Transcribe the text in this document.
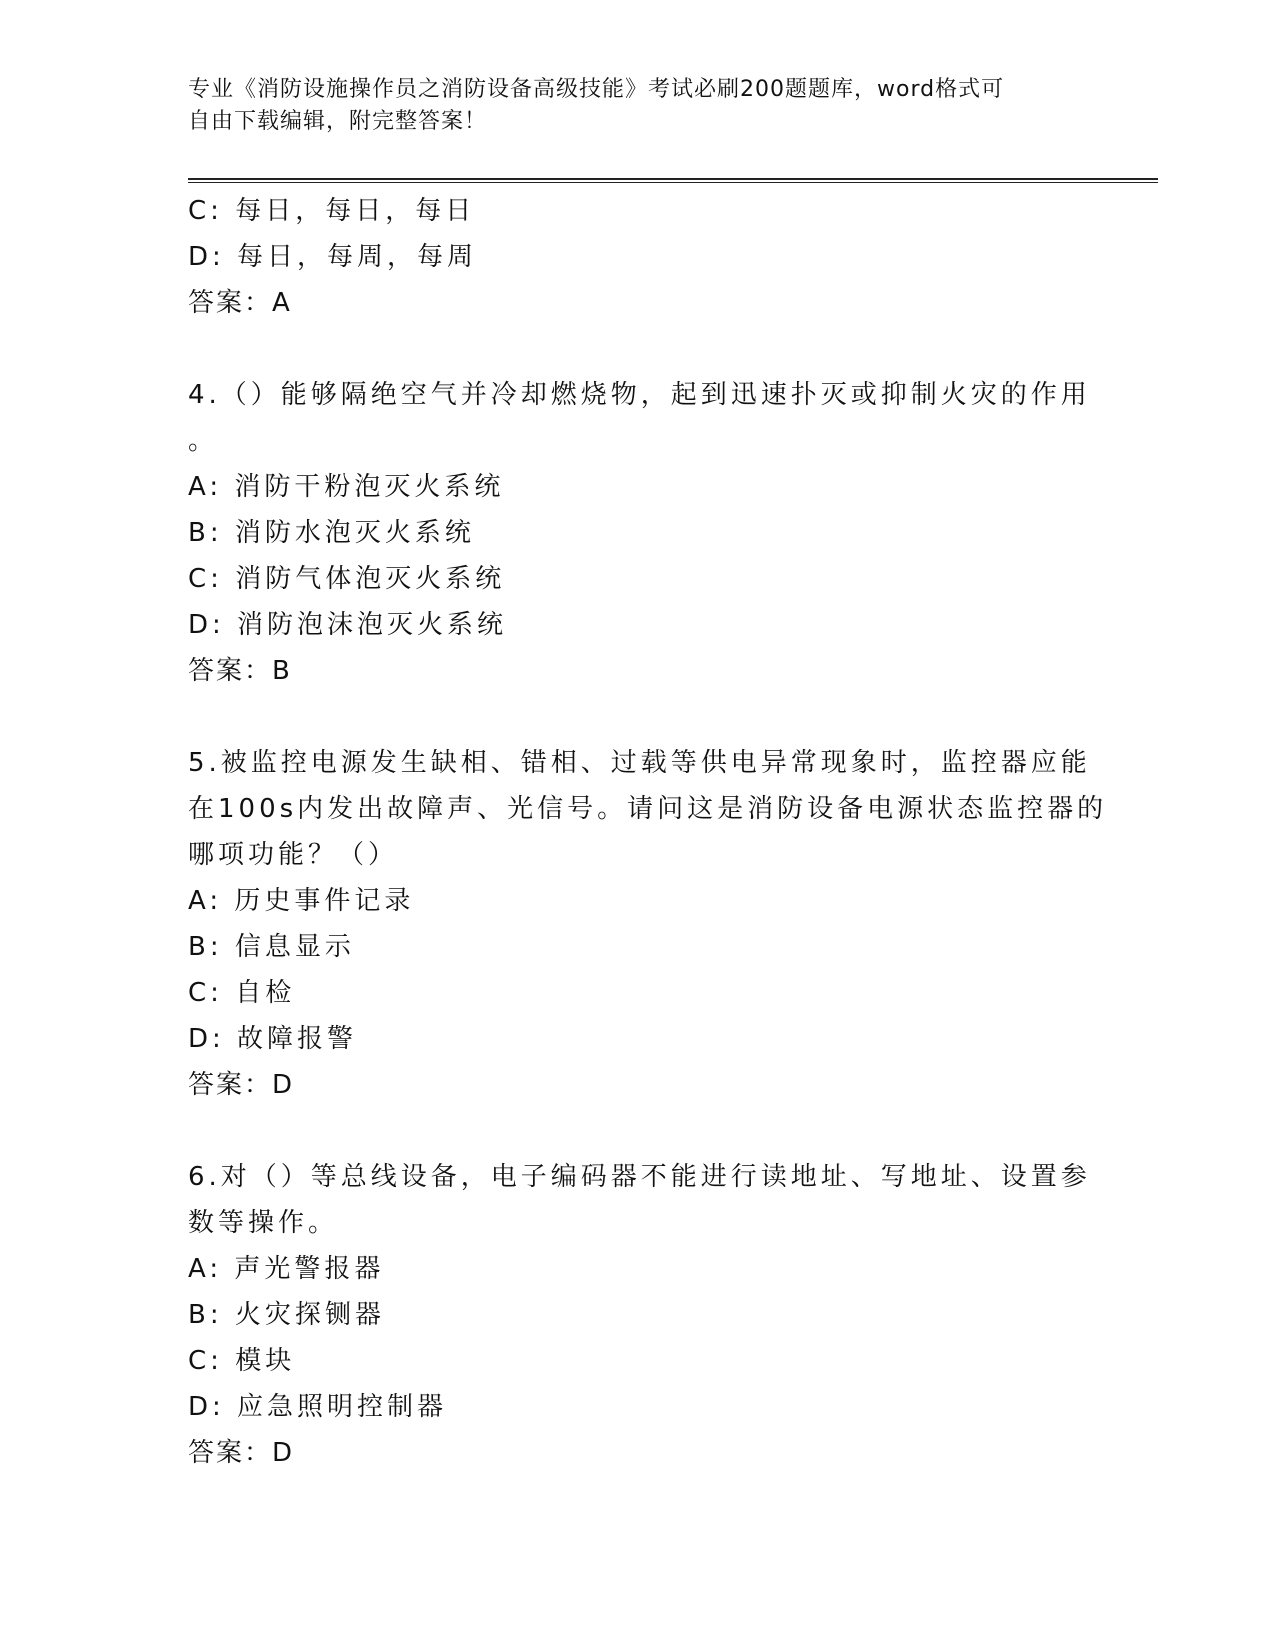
专业《消防设施操作员之消防设备高级技能》考试必刷200题题库，word格式可
自由下载编辑，附完整答案！
C: 每日，每日，每日
D: 每日，每周，每周
答案：A
4.（）能够隔绝空气并冷却燃烧物，起到迅速扑灭或抑制火灾的作用
。
A: 消防干粉泡灭火系统
B: 消防水泡灭火系统
C: 消防气体泡灭火系统
D: 消防泡沫泡灭火系统
答案：B
5.被监控电源发生缺相、错相、过载等供电异常现象时，监控器应能
在100s内发出故障声、光信号。请问这是消防设备电源状态监控器的
哪项功能？（）
A: 历史事件记录
B: 信息显示
C: 自检
D: 故障报警
答案：D
6.对（）等总线设备，电子编码器不能进行读地址、写地址、设置参
数等操作。
A: 声光警报器
B: 火灾探铡器
C: 模块
D: 应急照明控制器
答案：D
